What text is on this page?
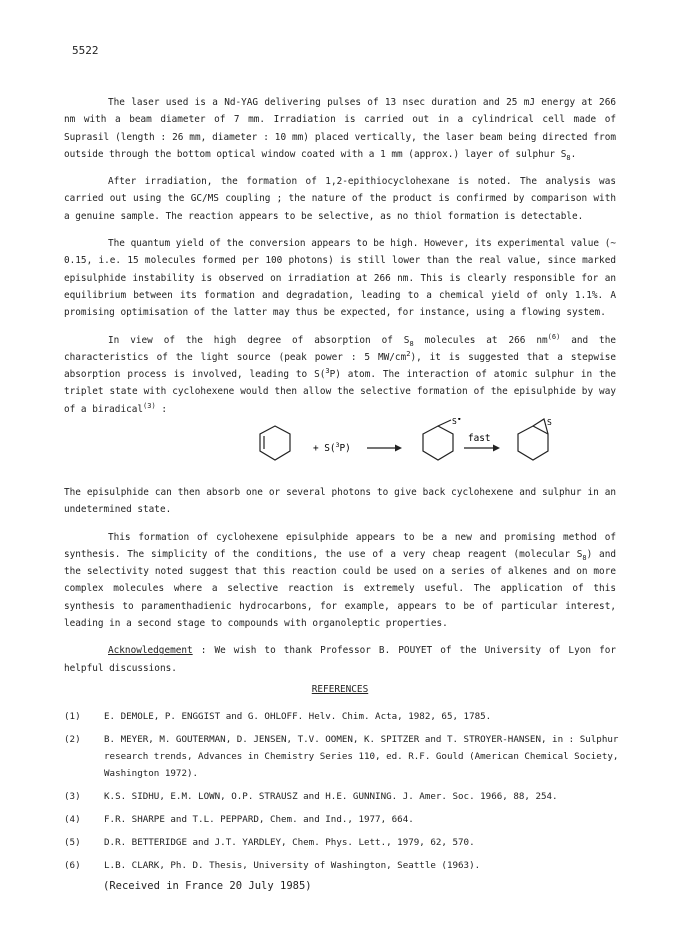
5522

The laser used is a Nd-YAG delivering pulses of 13 nsec duration and 25 mJ energy at 266 nm with a beam diameter of 7 mm. Irradiation is carried out in a cylindrical cell made of Suprasil (length : 26 mm, diameter : 10 mm) placed vertically, the laser beam being directed from outside through the bottom optical window coated with a 1 mm (approx.) layer of sulphur $S_8$.

After irradiation, the formation of 1,2-epithiocyclohexane is noted. The analysis was carried out using the GC/MS coupling ; the nature of the product is confirmed by comparison with a genuine sample. The reaction appears to be selective, as no thiol formation is detectable.

The quantum yield of the conversion appears to be high. However, its experimental value (~ 0.15, i.e. 15 molecules formed per 100 photons) is still lower than the real value, since marked episulphide instability is observed on irradiation at 266 nm. This is clearly responsible for an equilibrium between its formation and degradation, leading to a chemical yield of only 1.1%. A promising optimisation of the latter may thus be expected, for instance, using a flowing system.

In view of the high degree of absorption of $S_8$ molecules at 266 $nm^{(6)}$ and the characteristics of the light source (peak power : 5 $MW/cm^2$), it is suggested that a stepwise absorption process is involved, leading to S($^3$P) atom. The interaction of atomic sulphur in the triplet state with cyclohexene would then allow the selective formation of the episulphide by way of a biradical$^{(3)}$ :

+ S($^3$P)
S•
fast
S

The episulphide can then absorb one or several photons to give back cyclohexene and sulphur in an undetermined state.

This formation of cyclohexene episulphide appears to be a new and promising method of synthesis. The simplicity of the conditions, the use of a very cheap reagent (molecular $S_8$) and the selectivity noted suggest that this reaction could be used on a series of alkenes and on more complex molecules where a selective reaction is extremely useful. The application of this synthesis to paramenthadienic hydrocarbons, for example, appears to be of particular interest, leading in a second stage to compounds with organoleptic properties.

Acknowledgement : We wish to thank Professor B. POUYET of the University of Lyon for helpful discussions.

REFERENCES
(1)	E. DEMOLE, P. ENGGIST and G. OHLOFF. Helv. Chim. Acta, 1982, 65, 1785.
(2)	B. MEYER, M. GOUTERMAN, D. JENSEN, T.V. OOMEN, K. SPITZER and T. STROYER-HANSEN, in : Sulphur research trends, Advances in Chemistry Series 110, ed. R.F. Gould (American Chemical Society, Washington 1972).
(3)	K.S. SIDHU, E.M. LOWN, O.P. STRAUSZ and H.E. GUNNING. J. Amer. Soc. 1966, 88, 254.
(4)	F.R. SHARPE and T.L. PEPPARD, Chem. and Ind., 1977, 664.
(5)	D.R. BETTERIDGE and J.T. YARDLEY, Chem. Phys. Lett., 1979, 62, 570.
(6)	L.B. CLARK, Ph. D. Thesis, University of Washington, Seattle (1963).
(Received in France 20 July 1985)
